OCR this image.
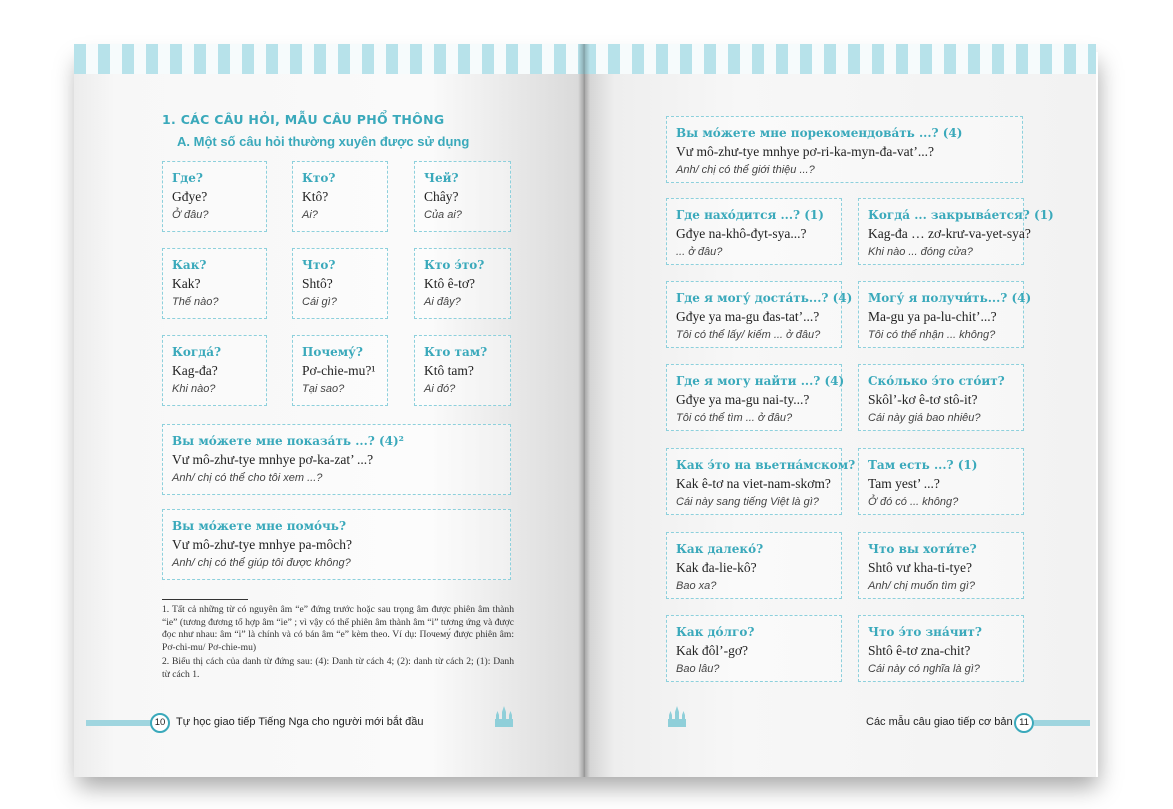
1. CÁC CÂU HỎI, MẪU CÂU PHỔ THÔNG
A. Một số câu hỏi thường xuyên được sử dụng
Где?
Gđye?
Ở đâu?
Кто?
Ktô?
Ai?
Чей?
Chây?
Của ai?
Как?
Kak?
Thế nào?
Что?
Shtô?
Cái gì?
Кто э́то?
Ktô ê-tơ?
Ai đây?
Когда́?
Kag-đa?
Khi nào?
Почему́?
Pơ-chie-mu?¹
Tại sao?
Кто там?
Ktô tam?
Ai đó?
Вы мо́жете мне показа́ть ...? (4)²
Vư mô-zhư-tye mnhye pơ-ka-zat’ ...?
Anh/ chị có thể cho tôi xem ...?
Вы мо́жете мне помо́чь?
Vư mô-zhư-tye mnhye pa-môch?
Anh/ chị có thể giúp tôi được không?

1. Tất cả những từ có nguyên âm “е” đứng trước hoặc sau trọng âm được phiên âm thành “ie” (tương đương tổ hợp âm “ie” ; vì vậy có thể phiên âm thành âm “i” tương ứng và được đọc như nhau: âm “i” là chính và có bán âm “e” kèm theo. Ví dụ: Почему́ được phiên âm: Pơ-chi-mu/ Pơ-chie-mu)

2. Biểu thị cách của danh từ đứng sau: (4): Danh từ cách 4; (2): danh từ cách 2; (1): Danh từ cách 1.

10 Tự học giao tiếp Tiếng Nga cho người mới bắt đầu
Вы мо́жете мне порекомендова́ть ...? (4)
Vư mô-zhư-tye mnhye pơ-ri-ka-myn-đa-vat’...?
Anh/ chị có thể giới thiệu ...?
Где нахо́дится ...? (1)
Gđye na-khô-đyt-sya...?
... ở đâu?
Когда́ ... закрыва́ется? (1)
Kag-đa … zơ-krư-va-yet-sya?
Khi nào ... đóng cửa?
Где я могу́ доста́ть...? (4)
Gđye ya ma-gu đas-tat’...?
Tôi có thể lấy/ kiếm ... ở đâu?
Могу́ я получи́ть...? (4)
Ma-gu ya pa-lu-chit’...?
Tôi có thể nhận ... không?
Где я могу найти ...? (4)
Gđye ya ma-gu nai-ty...?
Tôi có thể tìm ... ở đâu?
Ско́лько э́то сто́ит?
Skôl’-kơ ê-tơ stô-it?
Cái này giá bao nhiêu?
Как э́то на вьетна́мском?
Kak ê-tơ na viet-nam-skơm?
Cái này sang tiếng Việt là gì?
Там есть ...? (1)
Tam yest’ ...?
Ở đó có ... không?
Как далеко́?
Kak đa-lie-kô?
Bao xa?
Что вы хоти́те?
Shtô vư kha-ti-tye?
Anh/ chị muốn tìm gì?
Как до́лго?
Kak đôl’-gơ?
Bao lâu?
Что э́то зна́чит?
Shtô ê-tơ zna-chit?
Cái này có nghĩa là gì?
Các mẫu câu giao tiếp cơ bản 11
